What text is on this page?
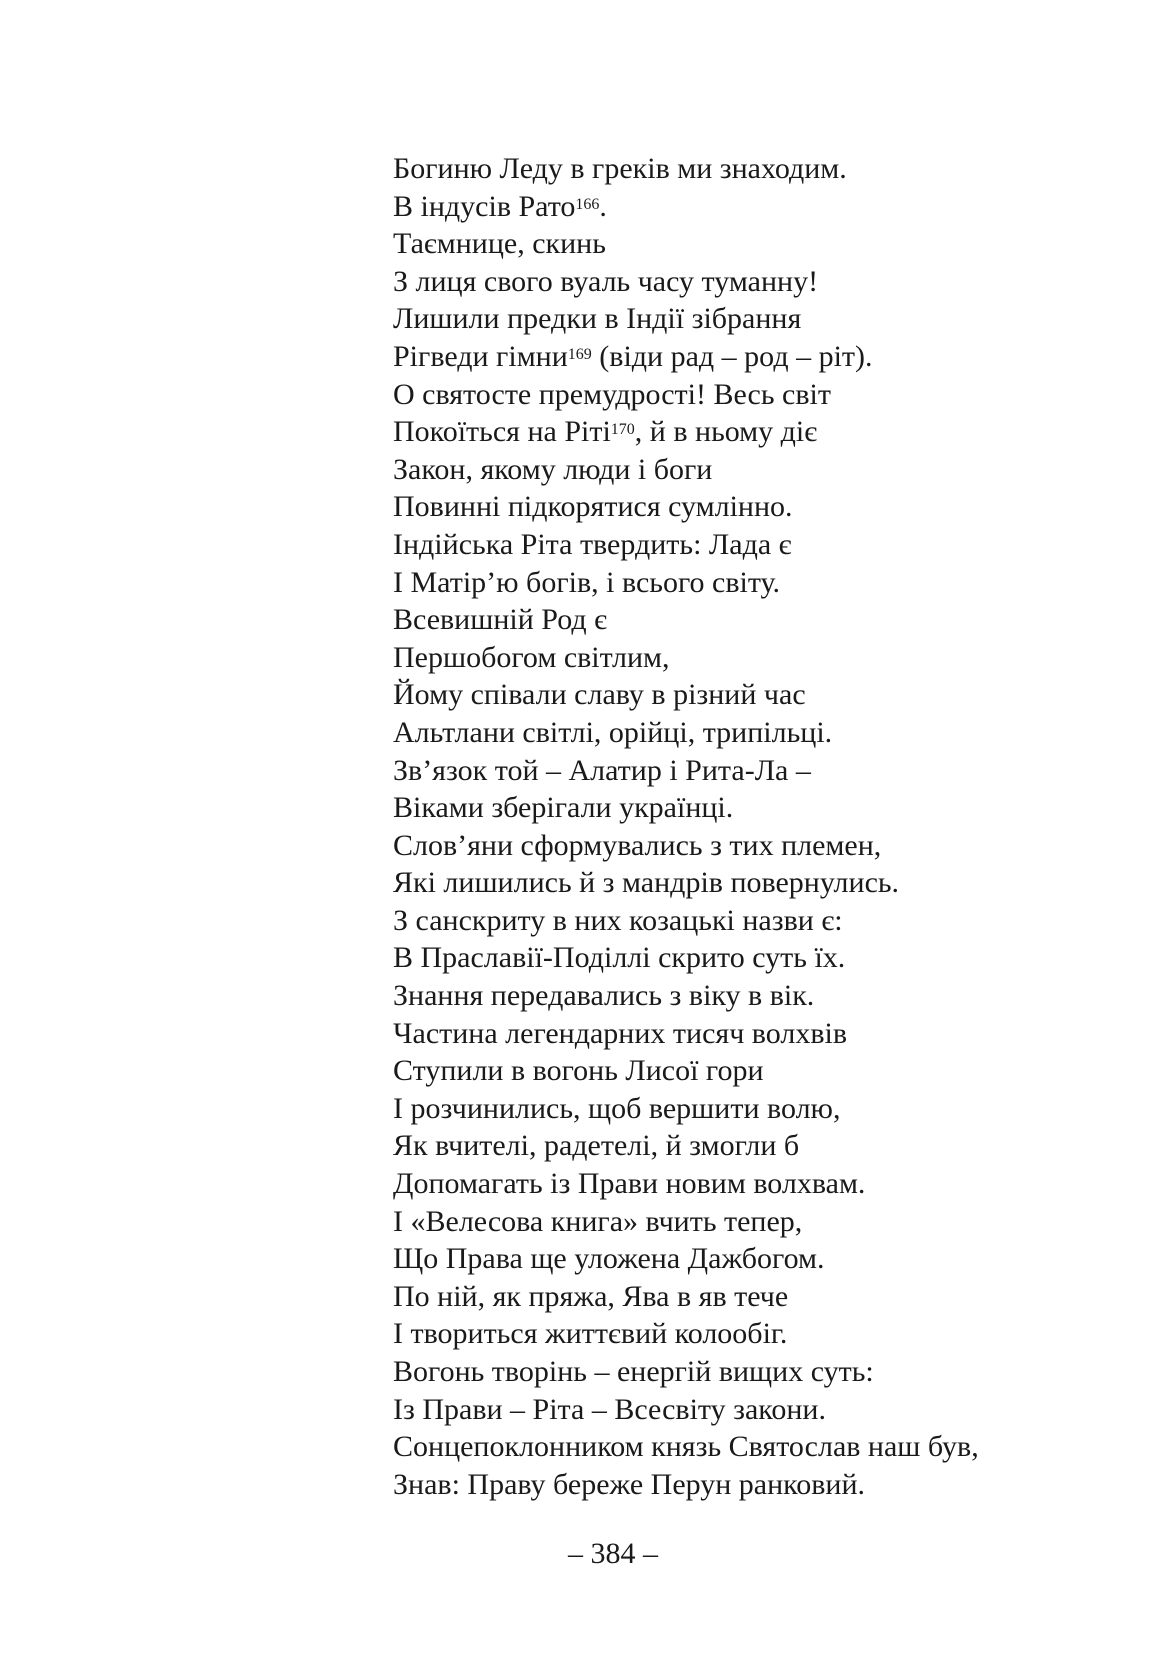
Богиню Леду в греків ми знаходим.
В індусів Рато$^{166}$.
Таємнице, скинь
З лиця свого вуаль часу туманну!
Лишили предки в Індії зібрання
Рігведи гімни$^{169}$ (віди рад – род – ріт).
О святосте премудрості! Весь світ
Покоїться на Ріті$^{170}$, й в ньому діє
Закон, якому люди і боги
Повинні підкорятися сумлінно.
Індійська Ріта твердить: Лада є
І Матір’ю богів, і всього світу.
Всевишній Род є
Першобогом світлим,
Йому співали славу в різний час
Альтлани світлі, орійці, трипільці.
Зв’язок той – Алатир і Рита-Ла –
Віками зберігали українці.
Слов’яни сформувались з тих племен,
Які лишились й з мандрів повернулись.
З санскриту в них козацькі назви є:
В Праславії-Поділлі скрито суть їх.
Знання передавались з віку в вік.
Частина легендарних тисяч волхвів
Ступили в вогонь Лисої гори
І розчинились, щоб вершити волю,
Як вчителі, радетелі, й змогли б
Допомагать із Прави новим волхвам.
І «Велесова книга» вчить тепер,
Що Права ще уложена Дажбогом.
По ній, як пряжа, Ява в яв тече
І твориться життєвий колообіг.
Вогонь творінь – енергій вищих суть:
Із Прави – Ріта – Всесвіту закони.
Сонцепоклонником князь Святослав наш був,
Знав: Праву береже Перун ранковий.
– 384 –
